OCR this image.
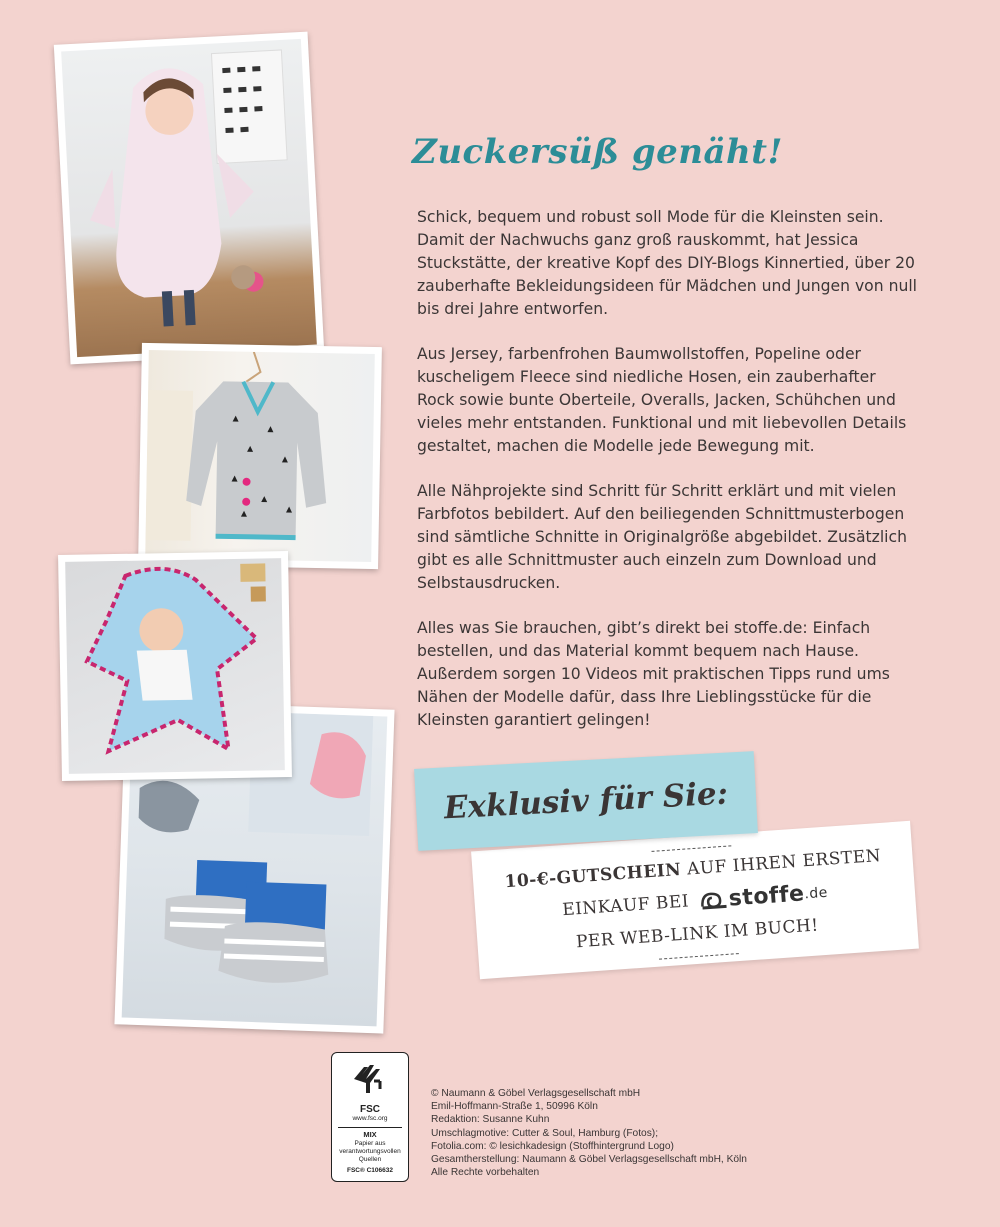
Zuckersüß genäht!

Schick, bequem und robust soll Mode für die Kleinsten sein. Damit der Nachwuchs ganz groß rauskommt, hat Jessica Stuckstätte, der kreative Kopf des DIY-Blogs Kinnertied, über 20 zauberhafte Bekleidungsideen für Mädchen und Jungen von null bis drei Jahre entworfen.

Aus Jersey, farbenfrohen Baumwollstoffen, Popeline oder kuscheligem Fleece sind niedliche Hosen, ein zauberhafter Rock sowie bunte Oberteile, Overalls, Jacken, Schühchen und vieles mehr entstanden. Funktional und mit liebevollen Details gestaltet, machen die Modelle jede Bewegung mit.

Alle Nähprojekte sind Schritt für Schritt erklärt und mit vielen Farbfotos bebildert. Auf den beiliegenden Schnittmusterbogen sind sämtliche Schnitte in Originalgröße abgebildet. Zusätzlich gibt es alle Schnittmuster auch einzeln zum Download und Selbstausdrucken.

Alles was Sie brauchen, gibt’s direkt bei stoffe.de: Einfach bestellen, und das Material kommt bequem nach Hause. Außerdem sorgen 10 Videos mit praktischen Tipps rund ums Nähen der Modelle dafür, dass Ihre Lieblingsstücke für die Kleinsten garantiert gelingen!

Exklusiv für Sie:
10-€-GUTSCHEIN AUF IHREN ERSTEN
EINKAUF BEI stoffe
.de
PER WEB-LINK IM BUCH!
FSC
www.fsc.org
MIX
Papier aus verantwortungsvollen Quellen
FSC® C106632
© Naumann & Göbel Verlagsgesellschaft mbH
Emil-Hoffmann-Straße 1, 50996 Köln
Redaktion: Susanne Kuhn
Umschlagmotive: Cutter & Soul, Hamburg (Fotos);
Fotolia.com: © lesichkadesign (Stoffhintergrund Logo)
Gesamtherstellung: Naumann & Göbel Verlagsgesellschaft mbH, Köln
Alle Rechte vorbehalten
